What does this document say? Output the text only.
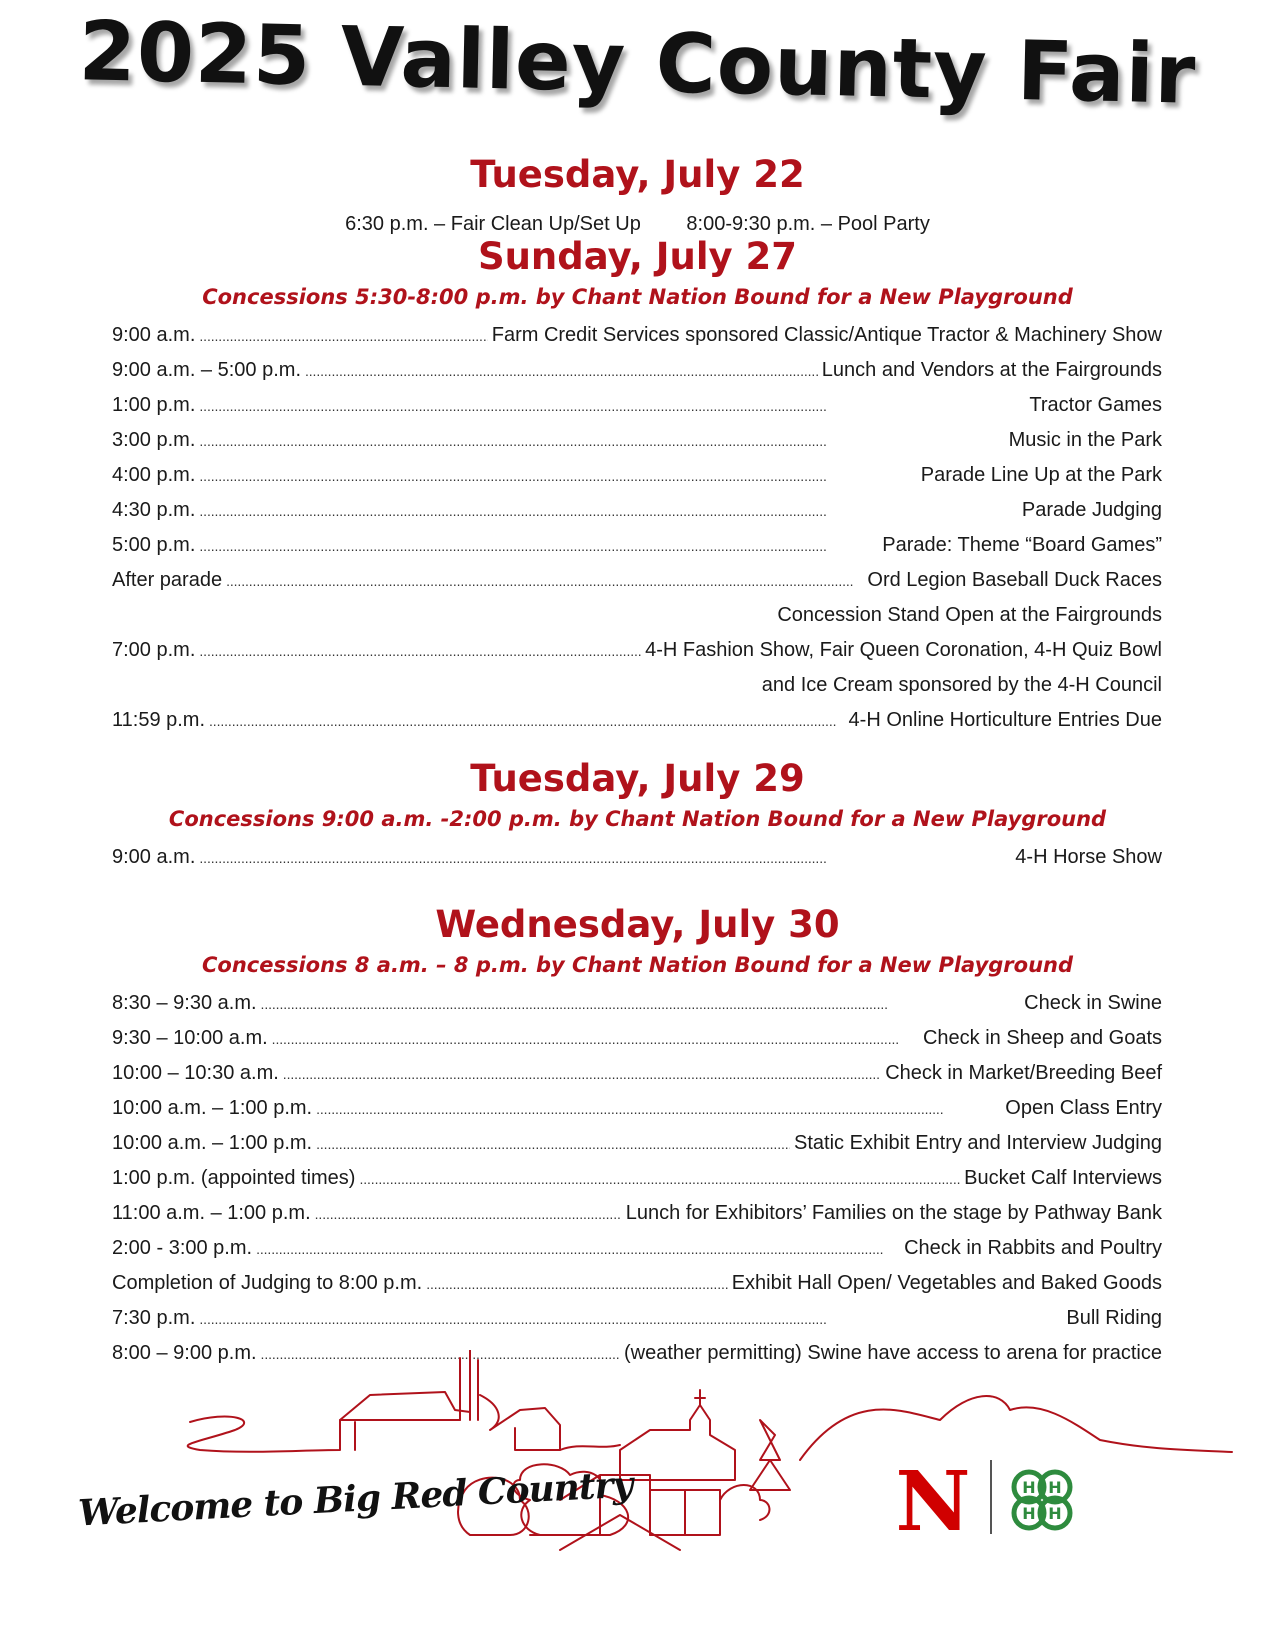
2025 Valley County Fair
Tuesday, July 22
6:30 p.m. – Fair Clean Up/Set Up 8:00-9:30 p.m. – Pool Party
Sunday, July 27
Concessions 5:30-8:00 p.m. by Chant Nation Bound for a New Playground
9:00 a.m. . . .	Farm Credit Services sponsored Classic/Antique Tractor & Machinery Show
9:00 a.m. – 5:00 p.m. . . .	Lunch and Vendors at the Fairgrounds
1:00 p.m. . . .	Tractor Games
3:00 p.m. . . .	Music in the Park
4:00 p.m. . . .	Parade Line Up at the Park
4:30 p.m. . . .	Parade Judging
5:00 p.m. . . .	Parade: Theme “Board Games”
After parade . . .	Ord Legion Baseball Duck Races
Concession Stand Open at the Fairgrounds
7:00 p.m. . . .	4-H Fashion Show, Fair Queen Coronation, 4-H Quiz Bowl
and Ice Cream sponsored by the 4-H Council
11:59 p.m. . . .	4-H Online Horticulture Entries Due
Tuesday, July 29
Concessions 9:00 a.m. -2:00 p.m. by Chant Nation Bound for a New Playground
9:00 a.m. . . .	4-H Horse Show
Wednesday, July 30
Concessions 8 a.m. – 8 p.m. by Chant Nation Bound for a New Playground
8:30 – 9:30 a.m. . . .	Check in Swine
9:30 – 10:00 a.m. . . .	Check in Sheep and Goats
10:00 – 10:30 a.m. . . .	Check in Market/Breeding Beef
10:00 a.m. – 1:00 p.m. . . .	Open Class Entry
10:00 a.m. – 1:00 p.m. . . .	Static Exhibit Entry and Interview Judging
1:00 p.m. (appointed times) . . .	Bucket Calf Interviews
11:00 a.m. – 1:00 p.m. . . .	Lunch for Exhibitors’ Families on the stage by Pathway Bank
2:00 - 3:00 p.m. . . .	Check in Rabbits and Poultry
Completion of Judging to 8:00 p.m. . . .	Exhibit Hall Open/ Vegetables and Baked Goods
7:30 p.m. . . .	Bull Riding
8:00 – 9:00 p.m. . . .	(weather permitting) Swine have access to arena for practice
Welcome to Big Red Country	N	H H
H H
